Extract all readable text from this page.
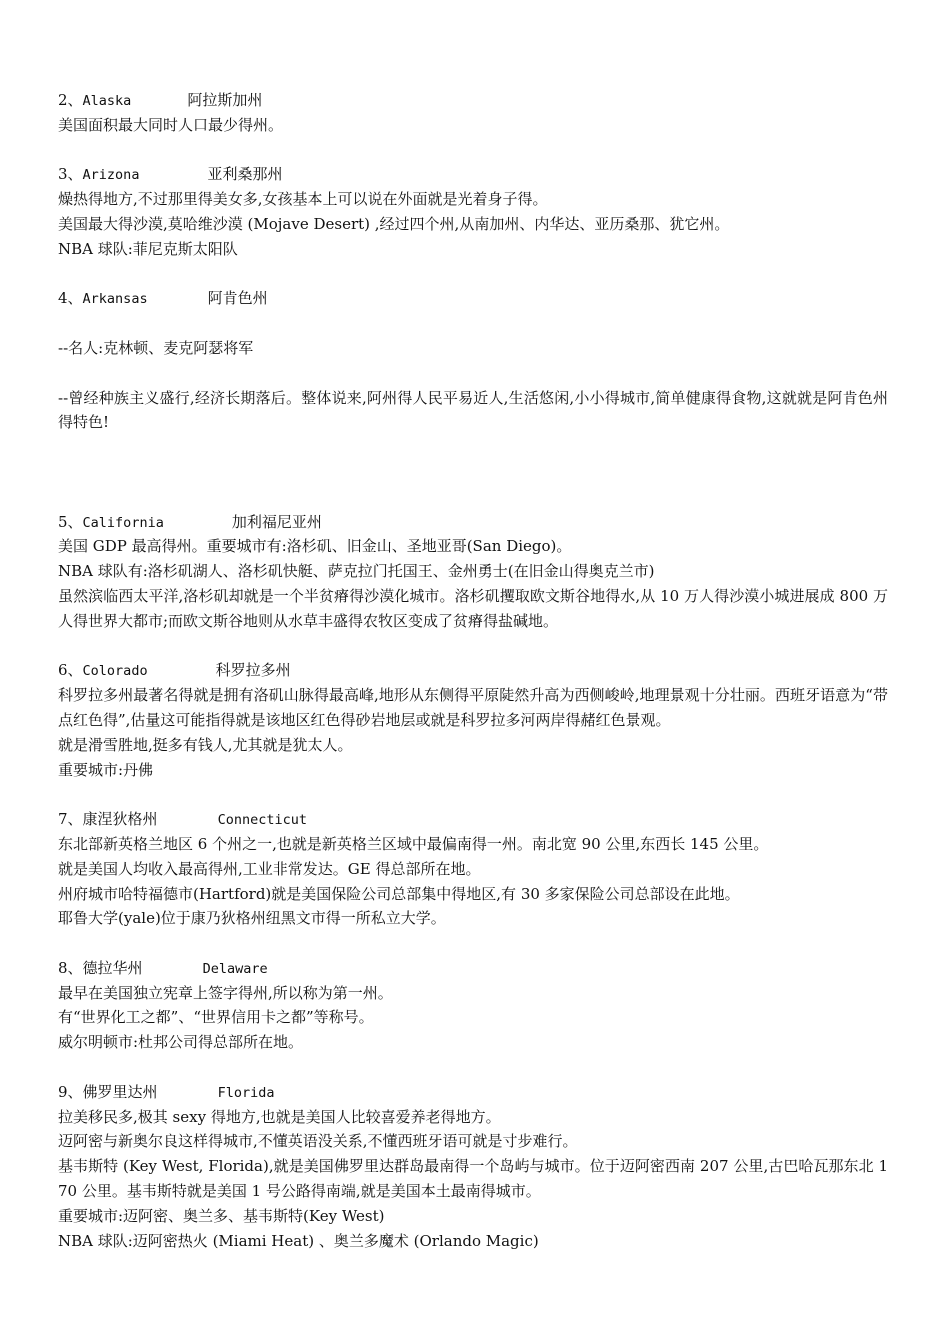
2、Alaska	阿拉斯加州
美国面积最大同时人口最少得州。
3、Arizona	亚利桑那州
燥热得地方,不过那里得美女多,女孩基本上可以说在外面就是光着身子得。
美国最大得沙漠,莫哈维沙漠 (Mojave Desert) ,经过四个州,从南加州、内华达、亚历桑那、犹它州。
NBA 球队:菲尼克斯太阳队
4、Arkansas	阿肯色州
--名人:克林顿、麦克阿瑟将军
--曾经种族主义盛行,经济长期落后。整体说来,阿州得人民平易近人,生活悠闲,小小得城市,简单健康得食物,这就就是阿肯色州得特色!
5、California	加利福尼亚州
美国 GDP 最高得州。重要城市有:洛杉矶、旧金山、圣地亚哥(San Diego)。
NBA 球队有:洛杉矶湖人、洛杉矶快艇、萨克拉门托国王、金州勇士(在旧金山得奥克兰市)
虽然滨临西太平洋,洛杉矶却就是一个半贫瘠得沙漠化城市。洛杉矶攫取欧文斯谷地得水,从 10 万人得沙漠小城进展成 800 万人得世界大都市;而欧文斯谷地则从水草丰盛得农牧区变成了贫瘠得盐碱地。
6、Colorado	科罗拉多州
科罗拉多州最著名得就是拥有洛矶山脉得最高峰,地形从东侧得平原陡然升高为西侧峻岭,地理景观十分壮丽。西班牙语意为“带点红色得”,估量这可能指得就是该地区红色得砂岩地层或就是科罗拉多河两岸得赭红色景观。
就是滑雪胜地,挺多有钱人,尤其就是犹太人。
重要城市:丹佛
7、康涅狄格州	Connecticut
东北部新英格兰地区 6 个州之一,也就是新英格兰区域中最偏南得一州。南北宽 90 公里,东西长 145 公里。
就是美国人均收入最高得州,工业非常发达。GE 得总部所在地。
州府城市哈特福德市(Hartford)就是美国保险公司总部集中得地区,有 30 多家保险公司总部设在此地。
耶鲁大学(yale)位于康乃狄格州纽黑文市得一所私立大学。
8、德拉华州	Delaware
最早在美国独立宪章上签字得州,所以称为第一州。
有“世界化工之都”、“世界信用卡之都”等称号。
威尔明顿市:杜邦公司得总部所在地。
9、佛罗里达州	Florida
拉美移民多,极其 sexy 得地方,也就是美国人比较喜爱养老得地方。
迈阿密与新奥尔良这样得城市,不懂英语没关系,不懂西班牙语可就是寸步难行。
基韦斯特 (Key West, Florida),就是美国佛罗里达群岛最南得一个岛屿与城市。位于迈阿密西南 207 公里,古巴哈瓦那东北 170 公里。基韦斯特就是美国 1 号公路得南端,就是美国本土最南得城市。
重要城市:迈阿密、奥兰多、基韦斯特(Key West)
NBA 球队:迈阿密热火 (Miami Heat) 、奥兰多魔术 (Orlando Magic)
